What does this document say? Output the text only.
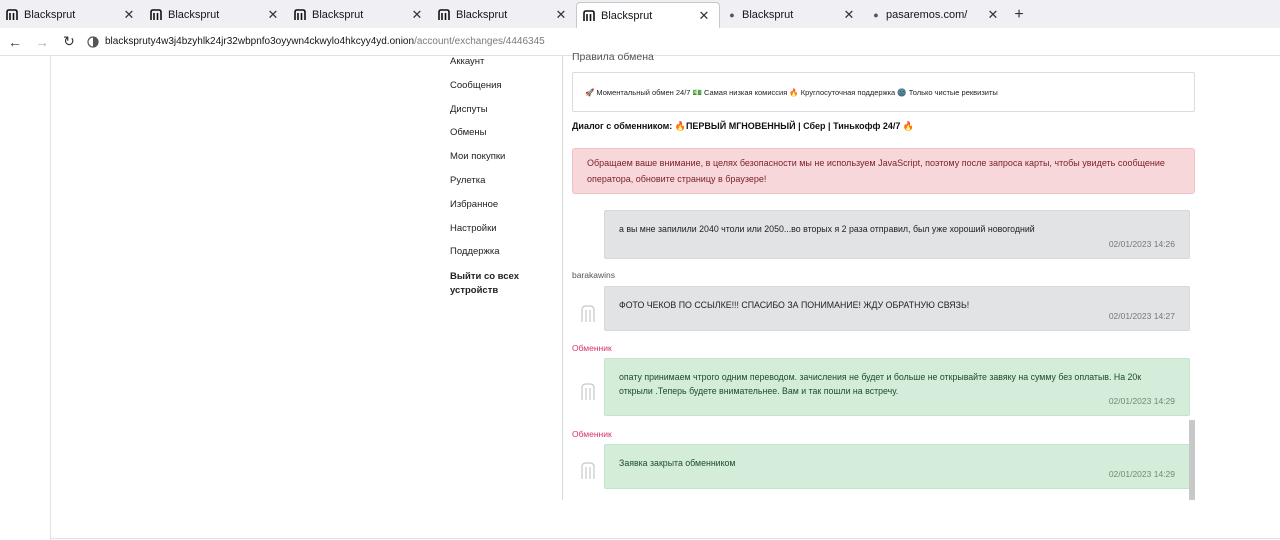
Blacksprut	✕	Blacksprut	✕	Blacksprut	✕	Blacksprut	✕	Blacksprut	✕	● Blacksprut	✕	● pasaremos.com/	✕ +
← →	↻	blacksprutу4w3j4bzyhlk24jr32wbpnfo3oyywn4ckwylo4hkcyy4yd.onion /account/exchanges/4446345
Аккаунт
Сообщения
Диспуты
Обмены
Мои покупки
Рулетка
Избранное
Настройки
Поддержка
Выйти со всех
устройств
Правила обмена
🚀 Моментальный обмен 24/7 💵 Самая низкая комиссия 🔥 Круглосуточная поддержка 🌚 Только чистые реквизиты
Диалог с обменником: 🔥ПЕРВЫЙ МГНОВЕННЫЙ | Сбер | Тинькофф 24/7 🔥
Обращаем ваше внимание, в целях безопасности мы не используем JavaScript, поэтому после запроса карты, чтобы увидеть сообщение оператора, обновите страницу в браузере!
а вы мне запилили 2040 чтоли или 2050...во вторых я 2 раза отправил, был уже хороший новогодний
02/01/2023 14:26
barakawins
ФОТО ЧЕКОВ ПО ССЫЛКЕ!!! СПАСИБО ЗА ПОНИМАНИЕ! ЖДУ ОБРАТНУЮ СВЯЗЬ!
02/01/2023 14:27
Обменник
опату принимаем чтрого одним переводом. зачисления не будет и больше не открывайте завяку на сумму без оплатыв. На 20к открыли .Теперь будете внимательнее. Вам и так пошли на встречу.
02/01/2023 14:29
Обменник
Заявка закрыта обменником
02/01/2023 14:29
